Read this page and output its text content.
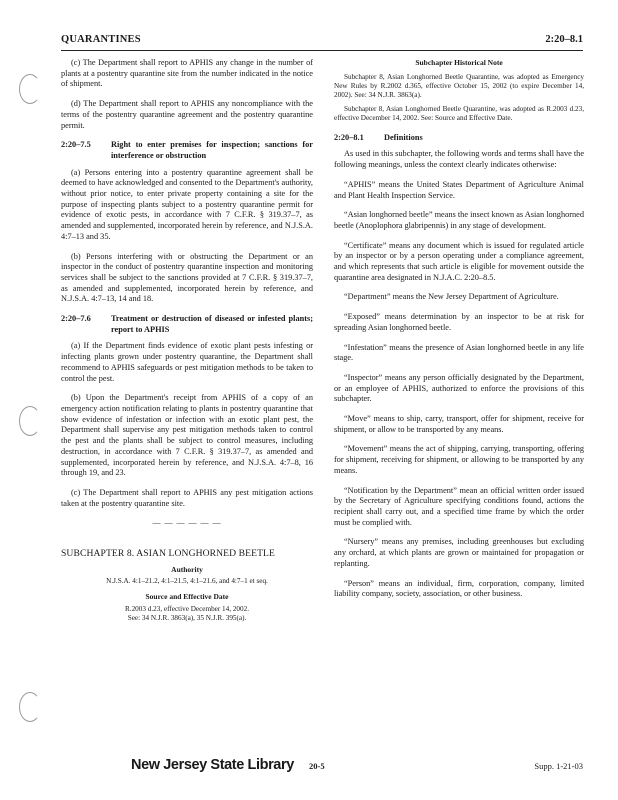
QUARANTINES	2:20–8.1

(c) The Department shall report to APHIS any change in the number of plants at a postentry quarantine site from the number indicated in the notice of shipment.

(d) The Department shall report to APHIS any noncompliance with the terms of the postentry quarantine agreement and the postentry quarantine permit.

2:20–7.5	Right to enter premises for inspection; sanctions for interference or obstruction

(a) Persons entering into a postentry quarantine agreement shall be deemed to have acknowledged and consented to the Department's authority, without prior notice, to enter private property containing a site for the purpose of inspecting plants subject to a postentry quarantine permit for evidence of exotic pests, in accordance with 7 C.F.R. § 319.37–7, as amended and supplemented, incorporated herein by reference, and N.J.S.A. 4:7–13 and 35.

(b) Persons interfering with or obstructing the Department or an inspector in the conduct of postentry quarantine inspection and monitoring services shall be subject to the sanctions provided at 7 C.F.R. § 319.37–7, as amended and supplemented, incorporated herein by reference, and N.J.S.A. 4:7–13, 14 and 18.

2:20–7.6	Treatment or destruction of diseased or infested plants; report to APHIS

(a) If the Department finds evidence of exotic plant pests infesting or infecting plants grown under postentry quarantine, the Department shall recommend to APHIS safeguards or pest mitigation methods to be taken to control the pest.

(b) Upon the Department's receipt from APHIS of a copy of an emergency action notification relating to plants in postentry quarantine that show evidence of infestation or infection with an exotic plant pest, the Department shall supervise any pest mitigation methods taken to control the pest and the plants shall be subject to control measures, including destruction, in accordance with 7 C.F.R. § 319.37–7, as amended and supplemented, incorporated herein by reference, and N.J.S.A. 4:7–8, 16 through 19, and 23.

(c) The Department shall report to APHIS any pest mitigation actions taken at the postentry quarantine site.

— — — — — —
SUBCHAPTER 8. ASIAN LONGHORNED BEETLE
Authority
N.J.S.A. 4:1–21.2, 4:1–21.5, 4:1–21.6, and 4:7–1 et seq.
Source and Effective Date
R.2003 d.23, effective December 14, 2002.
See: 34 N.J.R. 3863(a), 35 N.J.R. 395(a).
Subchapter Historical Note

Subchapter 8, Asian Longhorned Beetle Quarantine, was adopted as Emergency New Rules by R.2002 d.365, effective October 15, 2002 (to expire December 14, 2002). See: 34 N.J.R. 3863(a).

Subchapter 8, Asian Longhorned Beetle Quarantine, was adopted as R.2003 d.23, effective December 14, 2002. See: Source and Effective Date.

2:20–8.1	Definitions

As used in this subchapter, the following words and terms shall have the following meanings, unless the context clearly indicates otherwise:

“APHIS” means the United States Department of Agriculture Animal and Plant Health Inspection Service.

“Asian longhorned beetle” means the insect known as Asian longhorned beetle (Anoplophora glabripennis) in any stage of development.

“Certificate” means any document which is issued for regulated article by an inspector or by a person operating under a compliance agreement, and which represents that such article is eligible for movement outside the quarantine area designated in N.J.A.C. 2:20–8.5.

“Department” means the New Jersey Department of Agriculture.

“Exposed” means determination by an inspector to be at risk for spreading Asian longhorned beetle.

“Infestation” means the presence of Asian longhorned beetle in any life stage.

“Inspector” means any person officially designated by the Department, or an employee of APHIS, authorized to enforce the provisions of this subchapter.

“Move” means to ship, carry, transport, offer for shipment, receive for shipment, or allow to be transported by any means.

“Movement” means the act of shipping, carrying, transporting, offering for shipment, receiving for shipment, or allowing to be transported by any means.

“Notification by the Department” mean an official written order issued by the Secretary of Agriculture specifying conditions found, actions the recipient shall carry out, and a specified time frame by which the order must be complied with.

“Nursery” means any premises, including greenhouses but excluding any orchard, at which plants are grown or maintained for propagation or replanting.

“Person” means an individual, firm, corporation, company, limited liability company, society, association, or other business.

New Jersey State Library 20-5	Supp. 1-21-03
